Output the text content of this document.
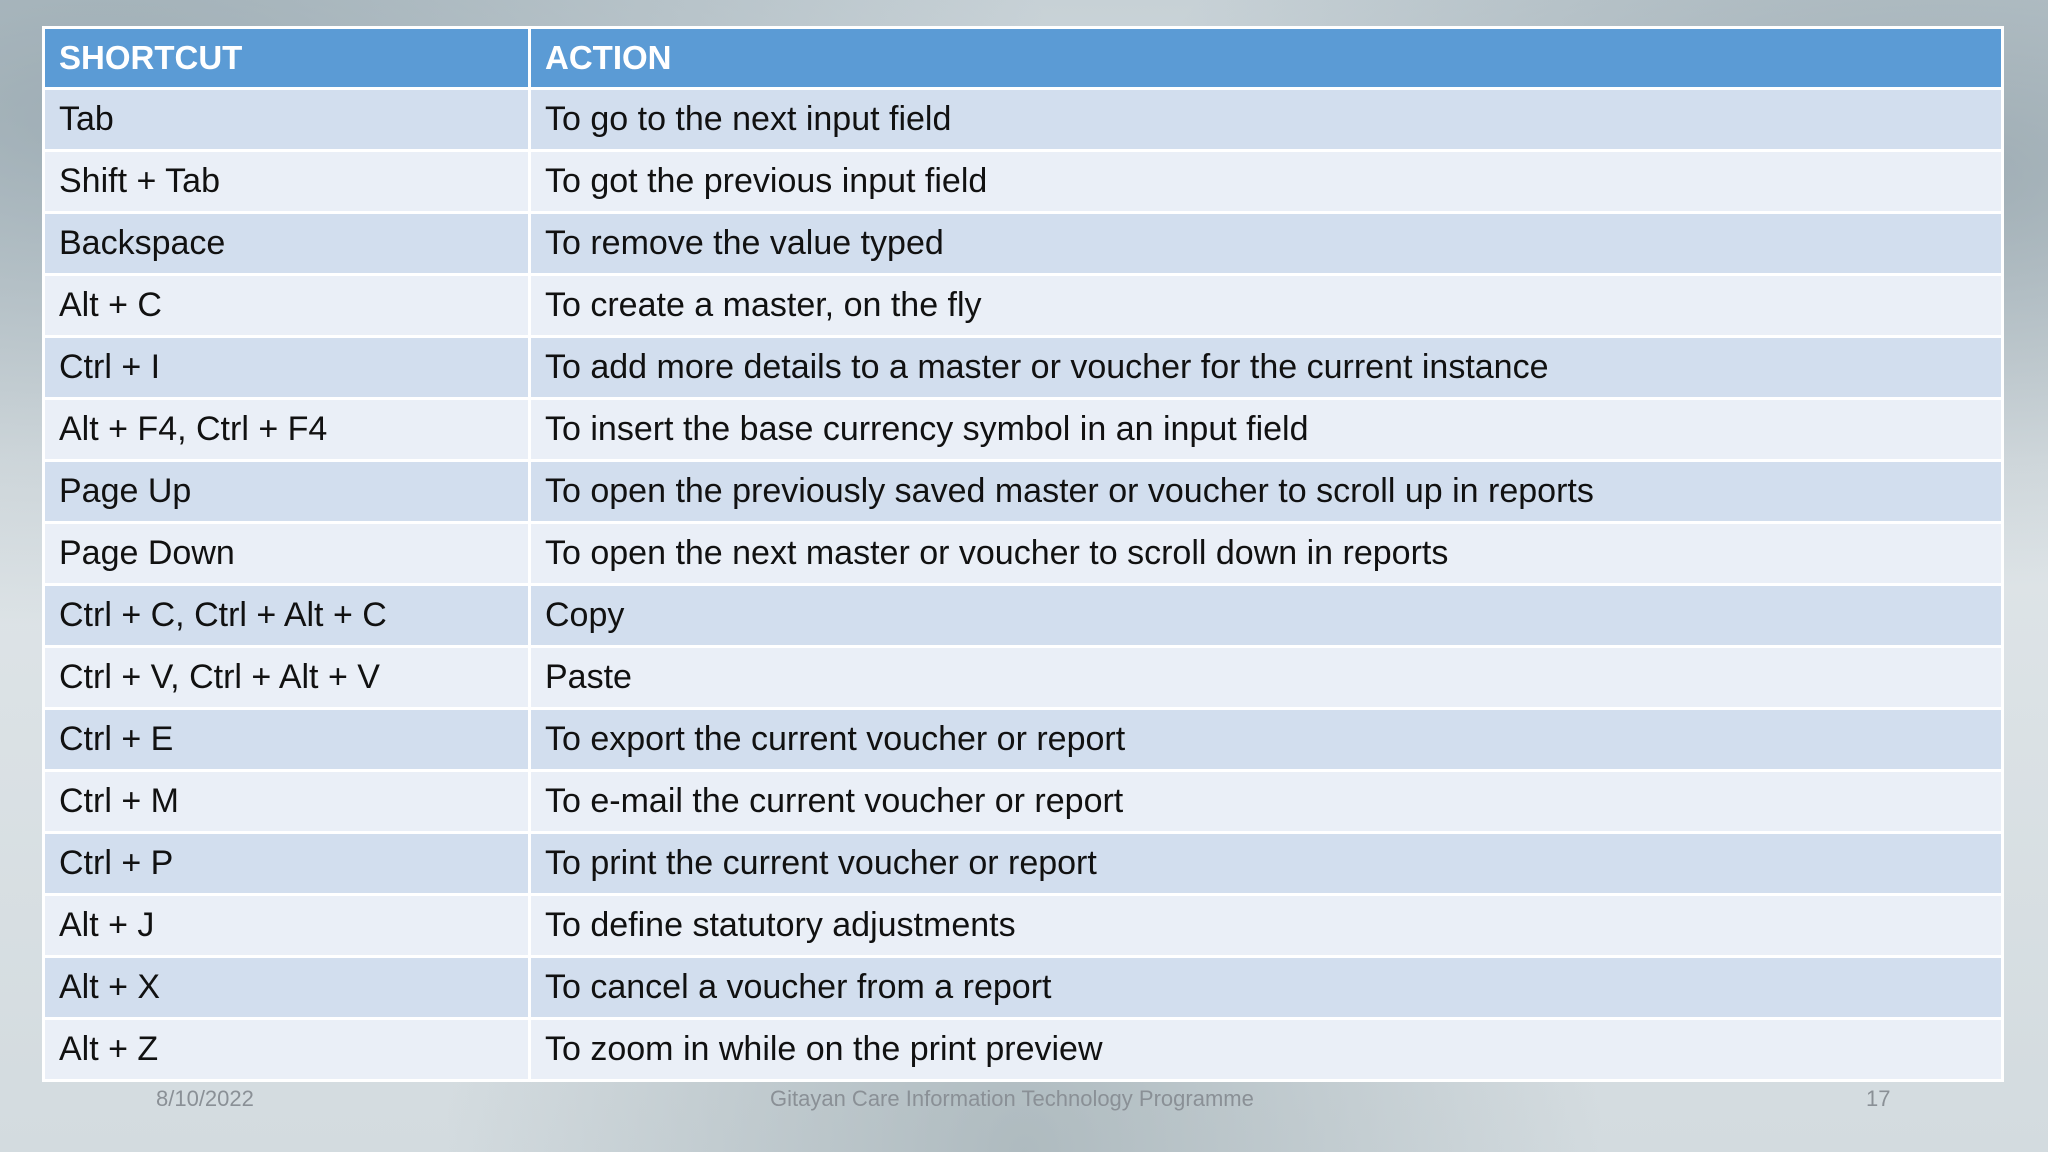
SHORTCUT	ACTION
Tab	To go to the next input field
Shift + Tab	To got the previous input field
Backspace	To remove the value typed
Alt + C	To create a master, on the fly
Ctrl + I	To add more details to a master or voucher for the current instance
Alt + F4, Ctrl + F4	To insert the base currency symbol in an input field
Page Up	To open the previously saved master or voucher to scroll up in reports
Page Down	To open the next master or voucher to scroll down in reports
Ctrl + C, Ctrl + Alt + C	Copy
Ctrl + V, Ctrl + Alt + V	Paste
Ctrl + E	To export the current voucher or report
Ctrl + M	To e-mail the current voucher or report
Ctrl + P	To print the current voucher or report
Alt + J	To define statutory adjustments
Alt + X	To cancel a voucher from a report
Alt + Z	To zoom in while on the print preview
8/10/2022	Gitayan Care Information Technology Programme	17
